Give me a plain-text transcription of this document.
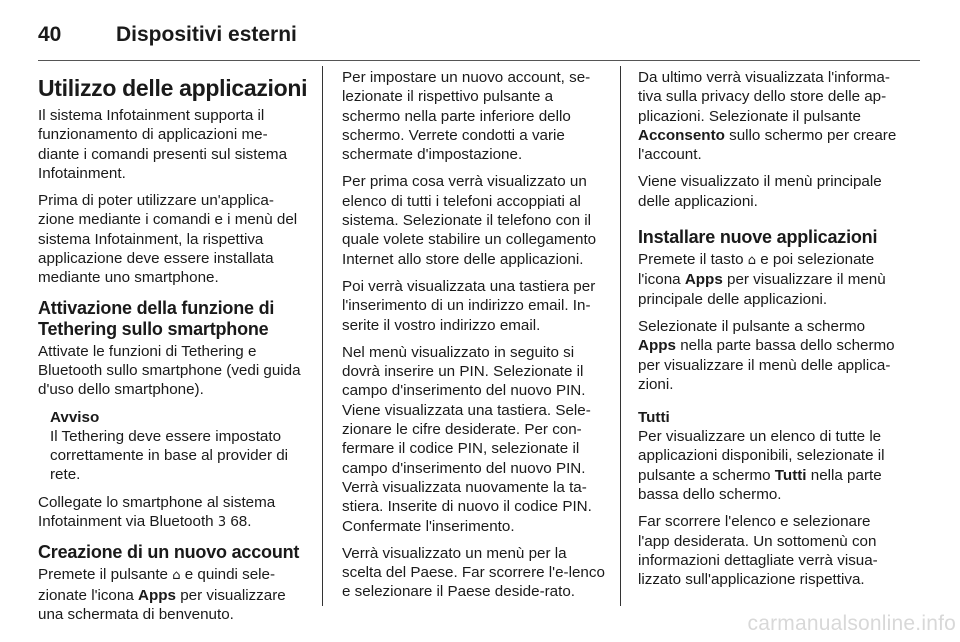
40	Dispositivi esterni
Utilizzo delle applicazioni

Il sistema Infotainment supporta il funzionamento di applicazioni me-diante i comandi presenti sul sistema Infotainment.

Prima di poter utilizzare un'applica-zione mediante i comandi e i menù del sistema Infotainment, la rispettiva applicazione deve essere installata mediante uno smartphone.

Attivazione della funzione di Tethering sullo smartphone

Attivate le funzioni di Tethering e Bluetooth sullo smartphone (vedi guida d'uso dello smartphone).

Avviso
Il Tethering deve essere impostato correttamente in base al provider di rete.

Collegate lo smartphone al sistema Infotainment via Bluetooth 3 68.

Creazione di un nuovo account

Premete il pulsante ⌂ e quindi sele-zionate l'icona Apps per visualizzare una schermata di benvenuto.

Per impostare un nuovo account, se-lezionate il rispettivo pulsante a schermo nella parte inferiore dello schermo. Verrete condotti a varie schermate d'impostazione.

Per prima cosa verrà visualizzato un elenco di tutti i telefoni accoppiati al sistema. Selezionate il telefono con il quale volete stabilire un collegamento Internet allo store delle applicazioni.

Poi verrà visualizzata una tastiera per l'inserimento di un indirizzo email. In-serite il vostro indirizzo email.

Nel menù visualizzato in seguito si dovrà inserire un PIN. Selezionate il campo d'inserimento del nuovo PIN. Viene visualizzata una tastiera. Sele-zionare le cifre desiderate. Per con-fermare il codice PIN, selezionate il campo d'inserimento del nuovo PIN. Verrà visualizzata nuovamente la ta-stiera. Inserite di nuovo il codice PIN. Confermate l'inserimento.

Verrà visualizzato un menù per la scelta del Paese. Far scorrere l'e-lenco e selezionare il Paese deside-rato.

Da ultimo verrà visualizzata l'informa-tiva sulla privacy dello store delle ap-plicazioni. Selezionate il pulsante Acconsento sullo schermo per creare l'account.

Viene visualizzato il menù principale delle applicazioni.

Installare nuove applicazioni

Premete il tasto ⌂ e poi selezionate l'icona Apps per visualizzare il menù principale delle applicazioni.

Selezionate il pulsante a schermo Apps nella parte bassa dello schermo per visualizzare il menù delle applica-zioni.

Tutti

Per visualizzare un elenco di tutte le applicazioni disponibili, selezionate il pulsante a schermo Tutti nella parte bassa dello schermo.

Far scorrere l'elenco e selezionare l'app desiderata. Un sottomenù con informazioni dettagliate verrà visua-lizzato sull'applicazione rispettiva.

carmanualsonline.info
